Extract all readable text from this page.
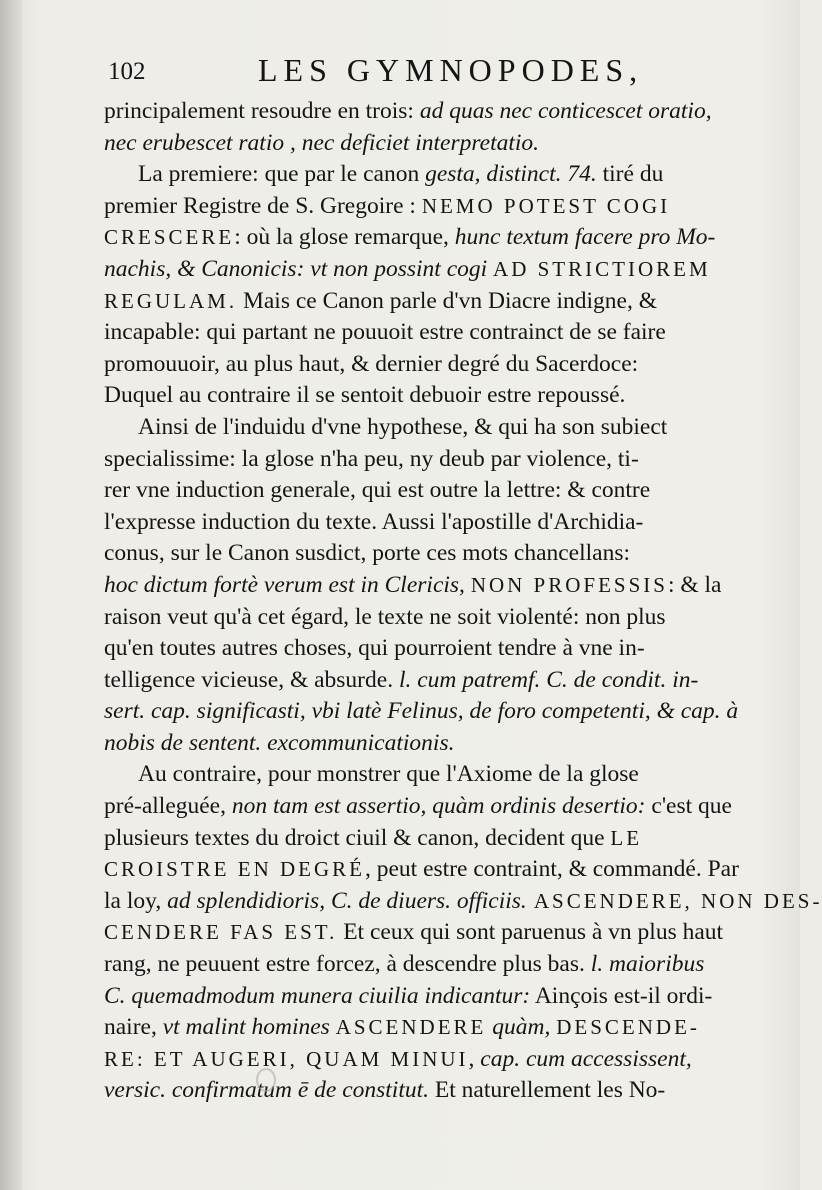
102	LES GYMNOPODES,
principalement resoudre en trois: ad quas nec conticescet oratio,
nec erubescet ratio , nec deficiet interpretatio.
La premiere: que par le canon gesta, distinct. 74. tiré du
premier Registre de S. Gregoire : NEMO POTEST COGI
CRESCERE: où la glose remarque, hunc textum facere pro Mo-
nachis, & Canonicis: vt non possint cogi AD STRICTIOREM
REGULAM. Mais ce Canon parle d'vn Diacre indigne, &
incapable: qui partant ne pouuoit estre contrainct de se faire
promouuoir, au plus haut, & dernier degré du Sacerdoce:
Duquel au contraire il se sentoit debuoir estre repoussé.
Ainsi de l'induidu d'vne hypothese, & qui ha son subiect
specialissime: la glose n'ha peu, ny deub par violence, ti-
rer vne induction generale, qui est outre la lettre: & contre
l'expresse induction du texte. Aussi l'apostille d'Archidia-
conus, sur le Canon susdict, porte ces mots chancellans:
hoc dictum fortè verum est in Clericis, NON PROFESSIS: & la
raison veut qu'à cet égard, le texte ne soit violenté: non plus
qu'en toutes autres choses, qui pourroient tendre à vne in-
telligence vicieuse, & absurde. l. cum patremf. C. de condit. in-
sert. cap. significasti, vbi latè Felinus, de foro competenti, & cap. à
nobis de sentent. excommunicationis.
Au contraire, pour monstrer que l'Axiome de la glose
pré-alleguée, non tam est assertio, quàm ordinis desertio: c'est que
plusieurs textes du droict ciuil & canon, decident que LE
CROISTRE EN DEGRÉ, peut estre contraint, & commandé. Par
la loy, ad splendidioris, C. de diuers. officiis. ASCENDERE, NON DES-
CENDERE FAS EST. Et ceux qui sont paruenus à vn plus haut
rang, ne peuuent estre forcez, à descendre plus bas. l. maioribus
C. quemadmodum munera ciuilia indicantur: Ainçois est-il ordi-
naire, vt malint homines ASCENDERE quàm, DESCENDE-
RE: ET AUGERI, QUAM MINUI, cap. cum accessissent,
versic. confirmatum ē de constitut. Et naturellement les No-
